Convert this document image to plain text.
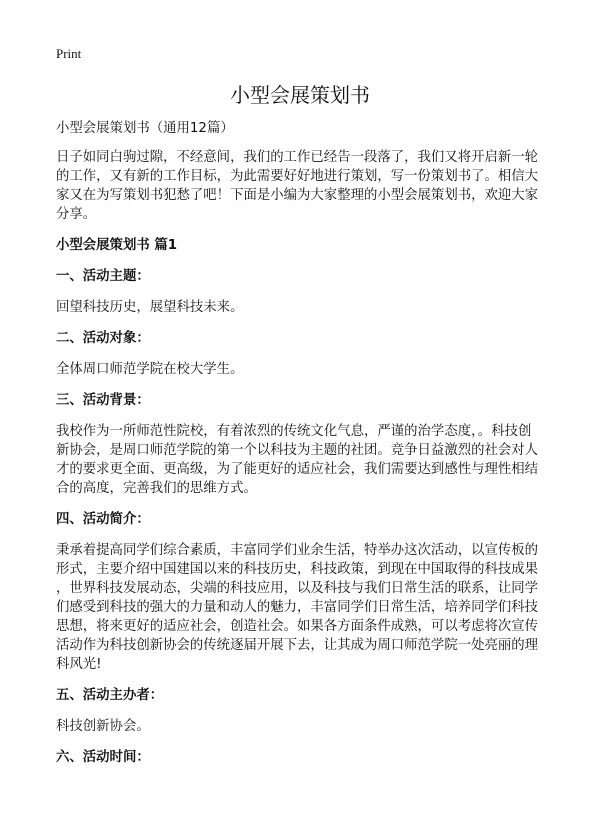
Print
小型会展策划书
小型会展策划书（通用12篇）
日子如同白驹过隙，不经意间，我们的工作已经告一段落了，我们又将开启新一轮
的工作，又有新的工作目标，为此需要好好地进行策划，写一份策划书了。相信大
家又在为写策划书犯愁了吧！下面是小编为大家整理的小型会展策划书，欢迎大家
分享。
小型会展策划书 篇1
一、活动主题：
回望科技历史，展望科技未来。
二、活动对象：
全体周口师范学院在校大学生。
三、活动背景：
我校作为一所师范性院校，有着浓烈的传统文化气息，严谨的治学态度，。科技创
新协会，是周口师范学院的第一个以科技为主题的社团。竞争日益激烈的社会对人
才的要求更全面、更高级，为了能更好的适应社会，我们需要达到感性与理性相结
合的高度，完善我们的思维方式。
四、活动简介：
秉承着提高同学们综合素质，丰富同学们业余生活，特举办这次活动，以宣传板的
形式，主要介绍中国建国以来的科技历史，科技政策，到现在中国取得的科技成果
，世界科技发展动态，尖端的科技应用，以及科技与我们日常生活的联系，让同学
们感受到科技的强大的力量和动人的魅力，丰富同学们日常生活，培养同学们科技
思想，将来更好的适应社会，创造社会。如果各方面条件成熟，可以考虑将次宣传
活动作为科技创新协会的传统逐届开展下去，让其成为周口师范学院一处亮丽的理
科风光!
五、活动主办者：
科技创新协会。
六、活动时间：
